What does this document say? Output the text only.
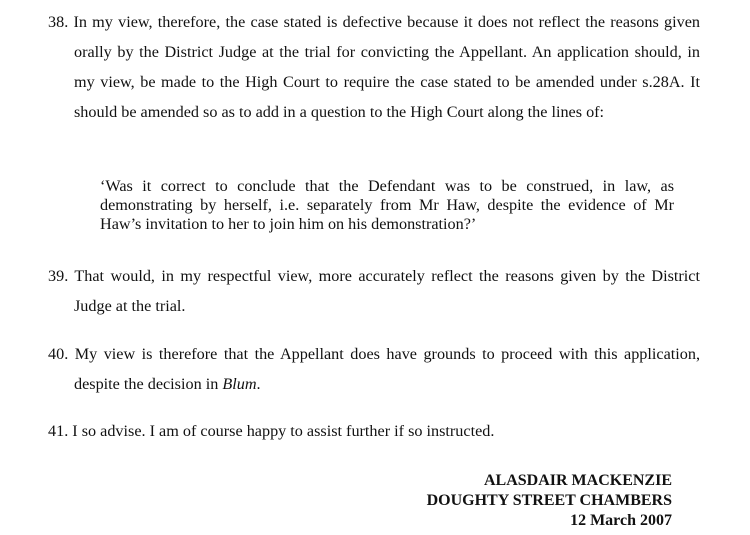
38. In my view, therefore, the case stated is defective because it does not reflect the reasons given orally by the District Judge at the trial for convicting the Appellant. An application should, in my view, be made to the High Court to require the case stated to be amended under s.28A. It should be amended so as to add in a question to the High Court along the lines of:
‘Was it correct to conclude that the Defendant was to be construed, in law, as demonstrating by herself, i.e. separately from Mr Haw, despite the evidence of Mr Haw’s invitation to her to join him on his demonstration?’
39. That would, in my respectful view, more accurately reflect the reasons given by the District Judge at the trial.
40. My view is therefore that the Appellant does have grounds to proceed with this application, despite the decision in Blum.
41. I so advise. I am of course happy to assist further if so instructed.
ALASDAIR MACKENZIE
DOUGHTY STREET CHAMBERS
12 March 2007
